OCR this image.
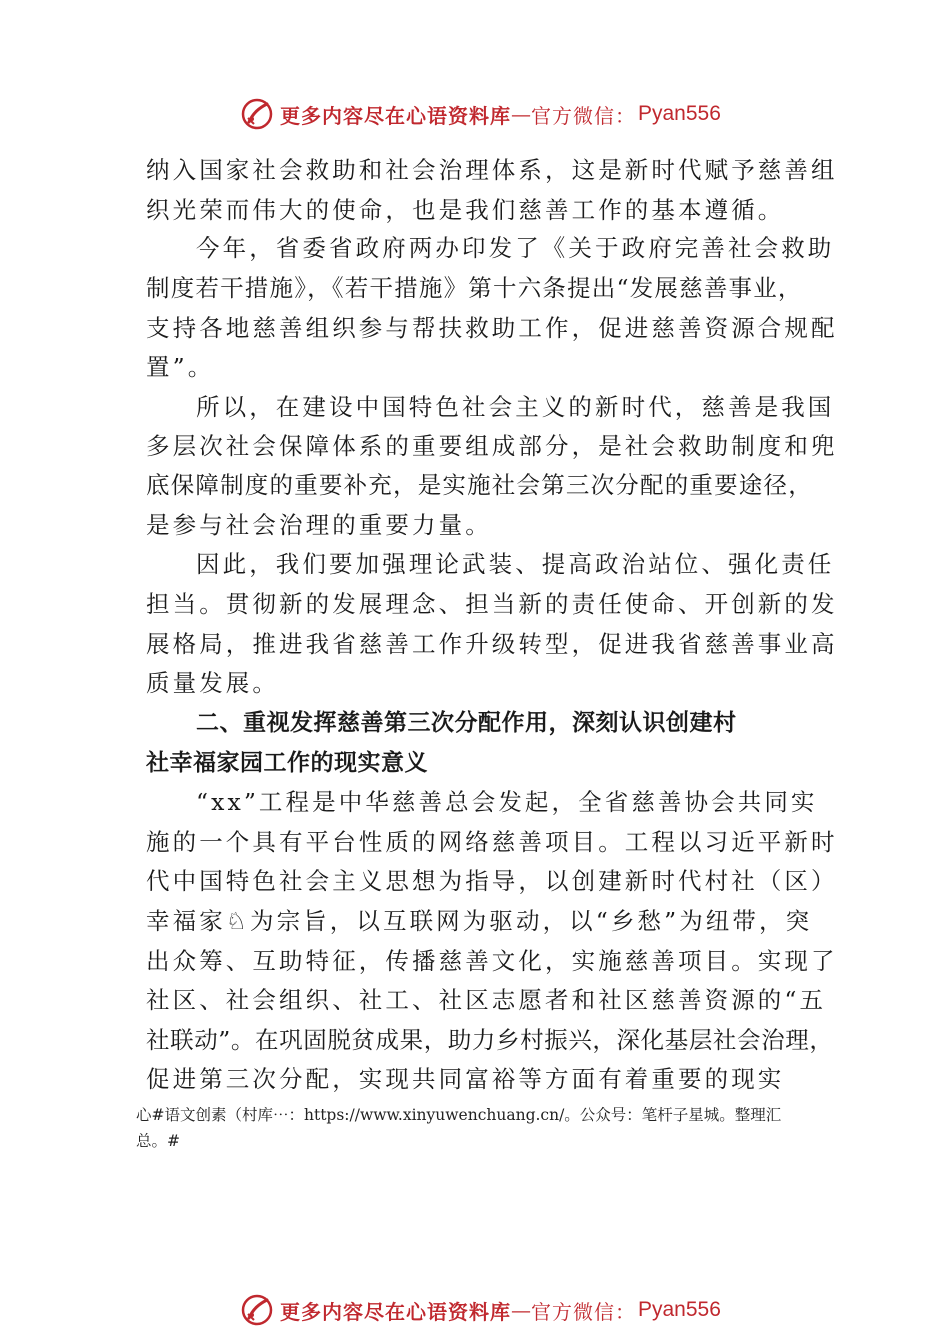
更多内容尽在心语资料库 — 官方微信： Pyan556
纳入国家社会救助和社会治理体系，这是新时代赋予慈善组
织光荣而伟大的使命，也是我们慈善工作的基本遵循。
今年，省委省政府两办印发了《关于政府完善社会救助
制度若干措施》，《若干措施》第十六条提出“发展慈善事业，
支持各地慈善组织参与帮扶救助工作，促进慈善资源合规配
置”。
所以，在建设中国特色社会主义的新时代，慈善是我国
多层次社会保障体系的重要组成部分，是社会救助制度和兜
底保障制度的重要补充，是实施社会第三次分配的重要途径，
是参与社会治理的重要力量。
因此，我们要加强理论武装、提高政治站位、强化责任
担当。贯彻新的发展理念、担当新的责任使命、开创新的发
展格局，推进我省慈善工作升级转型，促进我省慈善事业高
质量发展。
二、重视发挥慈善第三次分配作用，深刻认识创建村
社幸福家园工作的现实意义
“xx”工程是中华慈善总会发起，全省慈善协会共同实
施的一个具有平台性质的网络慈善项目。工程以习近平新时
代中国特色社会主义思想为指导，以创建新时代村社（区）
幸福家♘为宗旨，以互联网为驱动，以“乡愁”为纽带，突
出众筹、互助特征，传播慈善文化，实施慈善项目。实现了
社区、社会组织、社工、社区志愿者和社区慈善资源的“五
社联动”。在巩固脱贫成果，助力乡村振兴，深化基层社会治理，
促进第三次分配，实现共同富裕等方面有着重要的现实
心#语文创素（村库⋯：https://www.xinyuwenchuang.cn/。公众号：笔杆子星城。整理汇
总。#
更多内容尽在心语资料库 — 官方微信： Pyan556
